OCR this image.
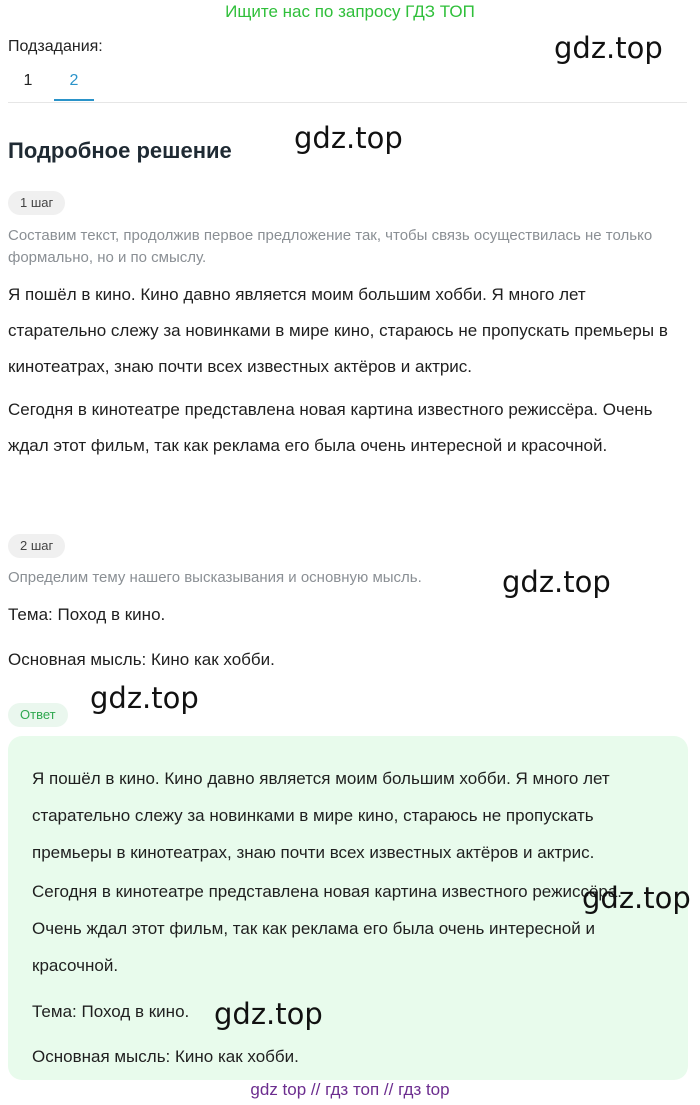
Ищите нас по запросу ГДЗ ТОП
Подзадания:
1	2
gdz.top
gdz.top
gdz.top
gdz.top
Подробное решение
1 шаг
Составим текст, продолжив первое предложение так, чтобы связь осуществилась не только формально, но и по смыслу.
Я пошёл в кино. Кино давно является моим большим хобби. Я много лет старательно слежу за новинками в мире кино, стараюсь не пропускать премьеры в кинотеатрах, знаю почти всех известных актёров и актрис.
Сегодня в кинотеатре представлена новая картина известного режиссёра. Очень ждал этот фильм, так как реклама его была очень интересной и красочной.
2 шаг
Определим тему нашего высказывания и основную мысль.
Тема: Поход в кино.
Основная мысль: Кино как хобби.
Ответ
Я пошёл в кино. Кино давно является моим большим хобби. Я много лет старательно слежу за новинками в мире кино, стараюсь не пропускать премьеры в кинотеатрах, знаю почти всех известных актёров и актрис.
Сегодня в кинотеатре представлена новая картина известного режиссёра. Очень ждал этот фильм, так как реклама его была очень интересной и красочной.
Тема: Поход в кино.
Основная мысль: Кино как хобби.
gdz.top
gdz.top
gdz top // гдз топ // гдз top
